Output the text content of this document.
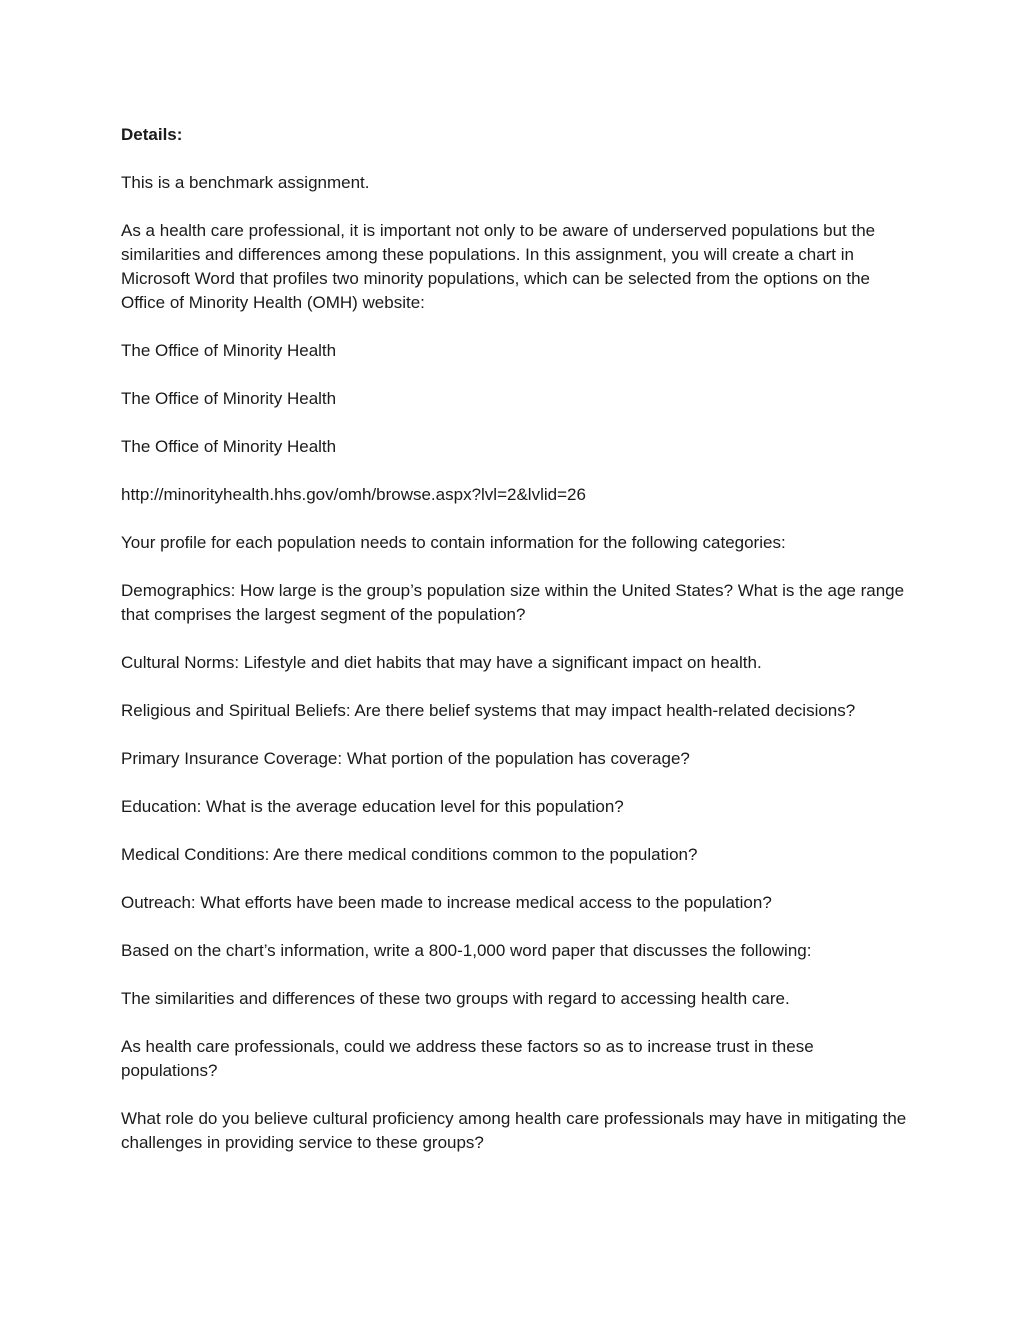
Details:

This is a benchmark assignment.

As a health care professional, it is important not only to be aware of underserved populations but the similarities and differences among these populations. In this assignment, you will create a chart in Microsoft Word that profiles two minority populations, which can be selected from the options on the Office of Minority Health (OMH) website:

The Office of Minority Health

The Office of Minority Health

The Office of Minority Health

http://minorityhealth.hhs.gov/omh/browse.aspx?lvl=2&lvlid=26

Your profile for each population needs to contain information for the following categories:

Demographics: How large is the group’s population size within the United States? What is the age range that comprises the largest segment of the population?

Cultural Norms: Lifestyle and diet habits that may have a significant impact on health.

Religious and Spiritual Beliefs: Are there belief systems that may impact health-related decisions?

Primary Insurance Coverage: What portion of the population has coverage?

Education: What is the average education level for this population?

Medical Conditions: Are there medical conditions common to the population?

Outreach: What efforts have been made to increase medical access to the population?

Based on the chart’s information, write a 800-1,000 word paper that discusses the following:

The similarities and differences of these two groups with regard to accessing health care.

As health care professionals, could we address these factors so as to increase trust in these populations?

What role do you believe cultural proficiency among health care professionals may have in mitigating the challenges in providing service to these groups?
